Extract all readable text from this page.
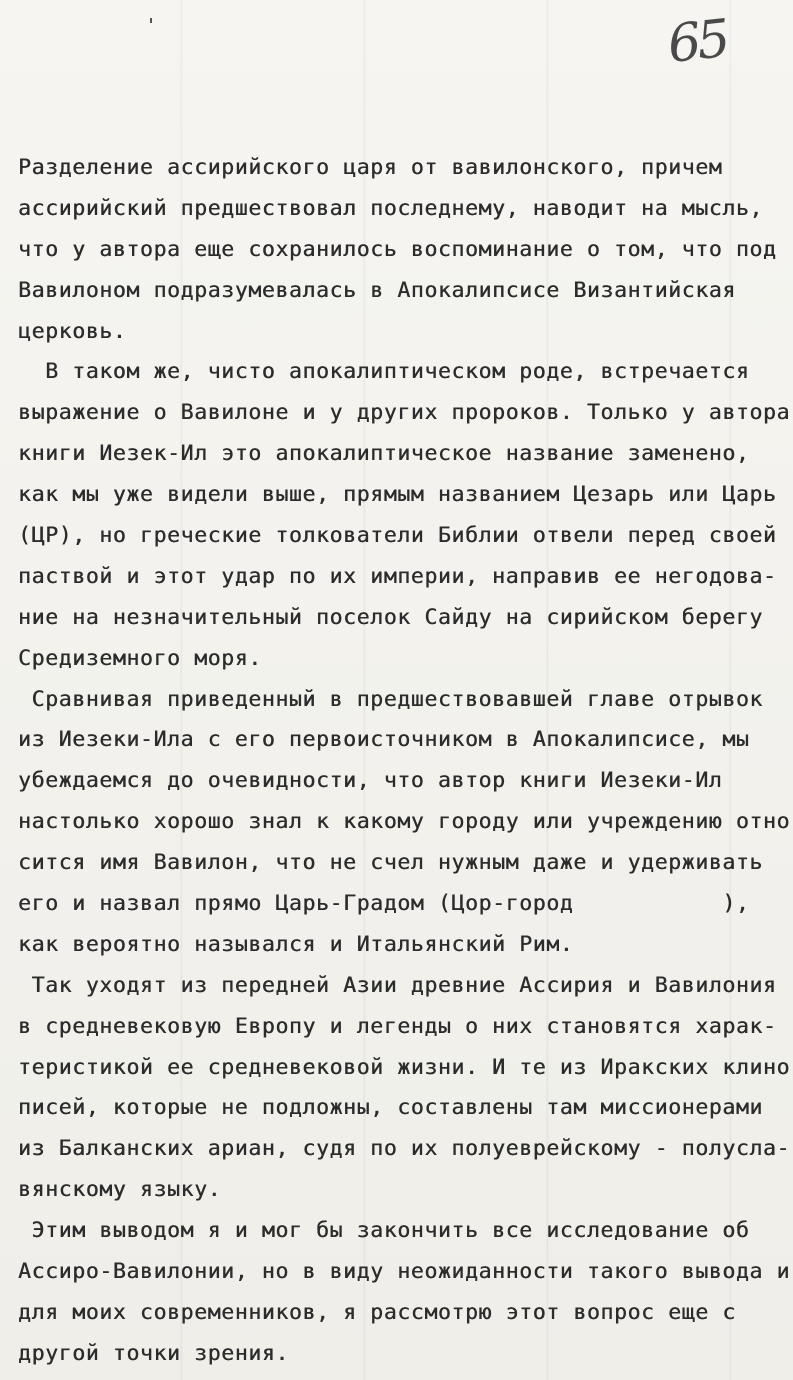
65
Разделение ассирийского царя от вавилонского, причем
ассирийский предшествовал последнему, наводит на мысль,
что у автора еще сохранилось воспоминание о том, что под
Вавилоном подразумевалась в Апокалипсисе Византийская
церковь.
В таком же, чисто апокалиптическом роде, встречается
выражение о Вавилоне и у других пророков. Только у автора
книги Иезек-Ил это апокалиптическое название заменено,
как мы уже видели выше, прямым названием Цезарь или Царь
(ЦР), но греческие толкователи Библии отвели перед своей
паствой и этот удар по их империи, направив ее негодова-
ние на незначительный поселок Сайду на сирийском берегу
Средиземного моря.
Сравнивая приведенный в предшествовавшей главе отрывок
из Иезеки-Ила с его первоисточником в Апокалипсисе, мы
убеждаемся до очевидности, что автор книги Иезеки-Ил
настолько хорошо знал к какому городу или учреждению отно
сится имя Вавилон, что не счел нужным даже и удерживать
его и назвал прямо Царь-Градом (Цор-город           ),
как вероятно назывался и Итальянский Рим.
Так уходят из передней Азии древние Ассирия и Вавилония
в средневековую Европу и легенды о них становятся харак-
теристикой ее средневековой жизни. И те из Иракских клино
писей, которые не подложны, составлены там миссионерами
из Балканских ариан, судя по их полуеврейскому - полусла-
вянскому языку.
Этим выводом я и мог бы закончить все исследование об
Ассиро-Вавилонии, но в виду неожиданности такого вывода и
для моих современников, я рассмотрю этот вопрос еще с
другой точки зрения.
